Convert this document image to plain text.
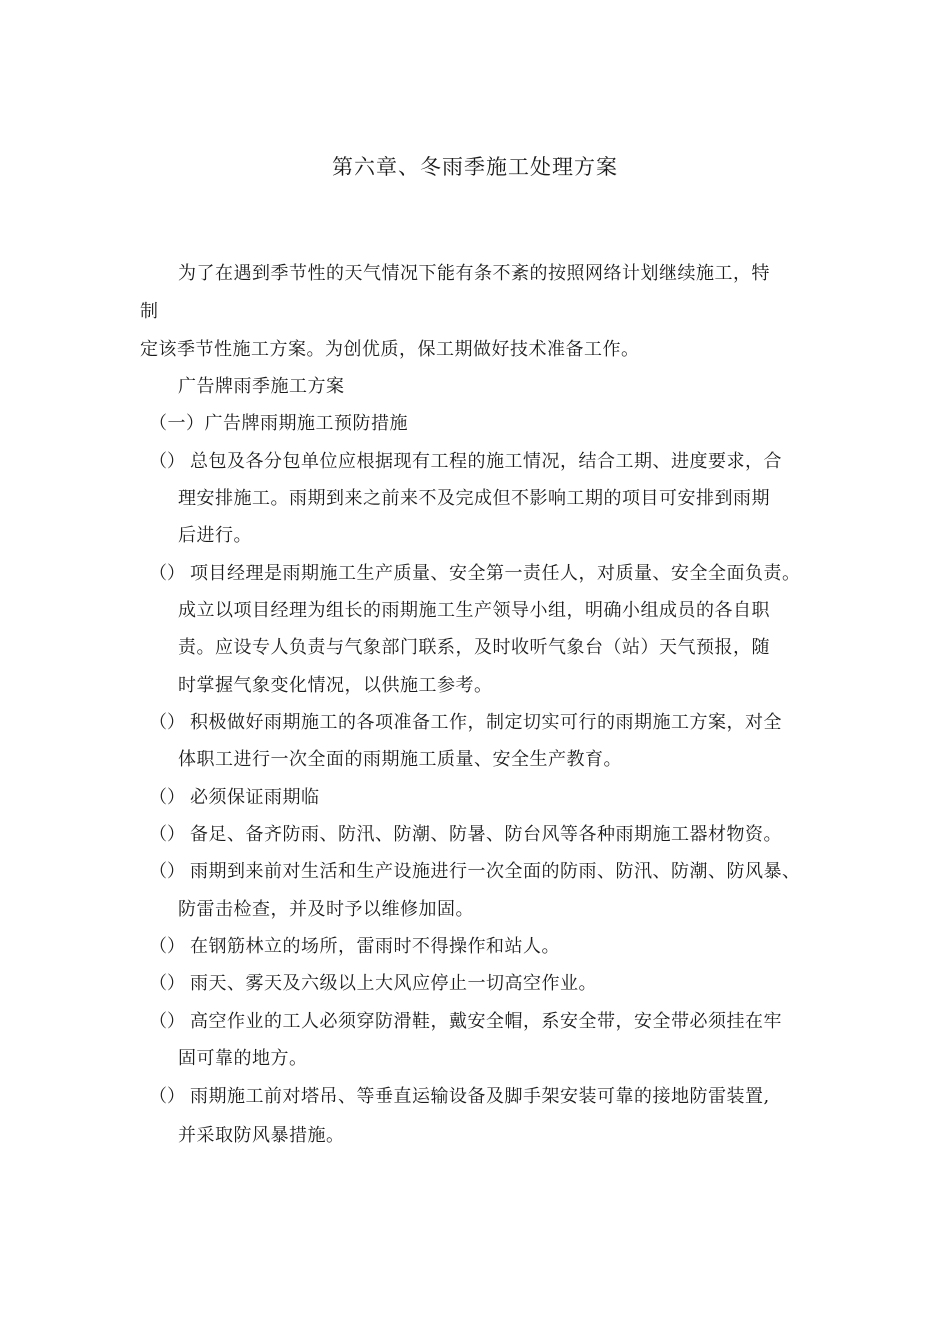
第六章、冬雨季施工处理方案
为了在遇到季节性的天气情况下能有条不紊的按照网络计划继续施工，特
制
定该季节性施工方案。为创优质，保工期做好技术准备工作。
广告牌雨季施工方案
（一）广告牌雨期施工预防措施
（） 总包及各分包单位应根据现有工程的施工情况，结合工期、进度要求，合
理安排施工。雨期到来之前来不及完成但不影响工期的项目可安排到雨期
后进行。
（） 项目经理是雨期施工生产质量、安全第一责任人，对质量、安全全面负责。
成立以项目经理为组长的雨期施工生产领导小组，明确小组成员的各自职
责。应设专人负责与气象部门联系，及时收听气象台（站）天气预报，随
时掌握气象变化情况，以供施工参考。
（） 积极做好雨期施工的各项准备工作，制定切实可行的雨期施工方案，对全
体职工进行一次全面的雨期施工质量、安全生产教育。
（） 必须保证雨期临
（） 备足、备齐防雨、防汛、防潮、防暑、防台风等各种雨期施工器材物资。
（） 雨期到来前对生活和生产设施进行一次全面的防雨、防汛、防潮、防风暴、
防雷击检查，并及时予以维修加固。
（） 在钢筋林立的场所，雷雨时不得操作和站人。
（） 雨天、雾天及六级以上大风应停止一切高空作业。
（） 高空作业的工人必须穿防滑鞋，戴安全帽，系安全带，安全带必须挂在牢
固可靠的地方。
（） 雨期施工前对塔吊、等垂直运输设备及脚手架安装可靠的接地防雷装置,
并采取防风暴措施。
